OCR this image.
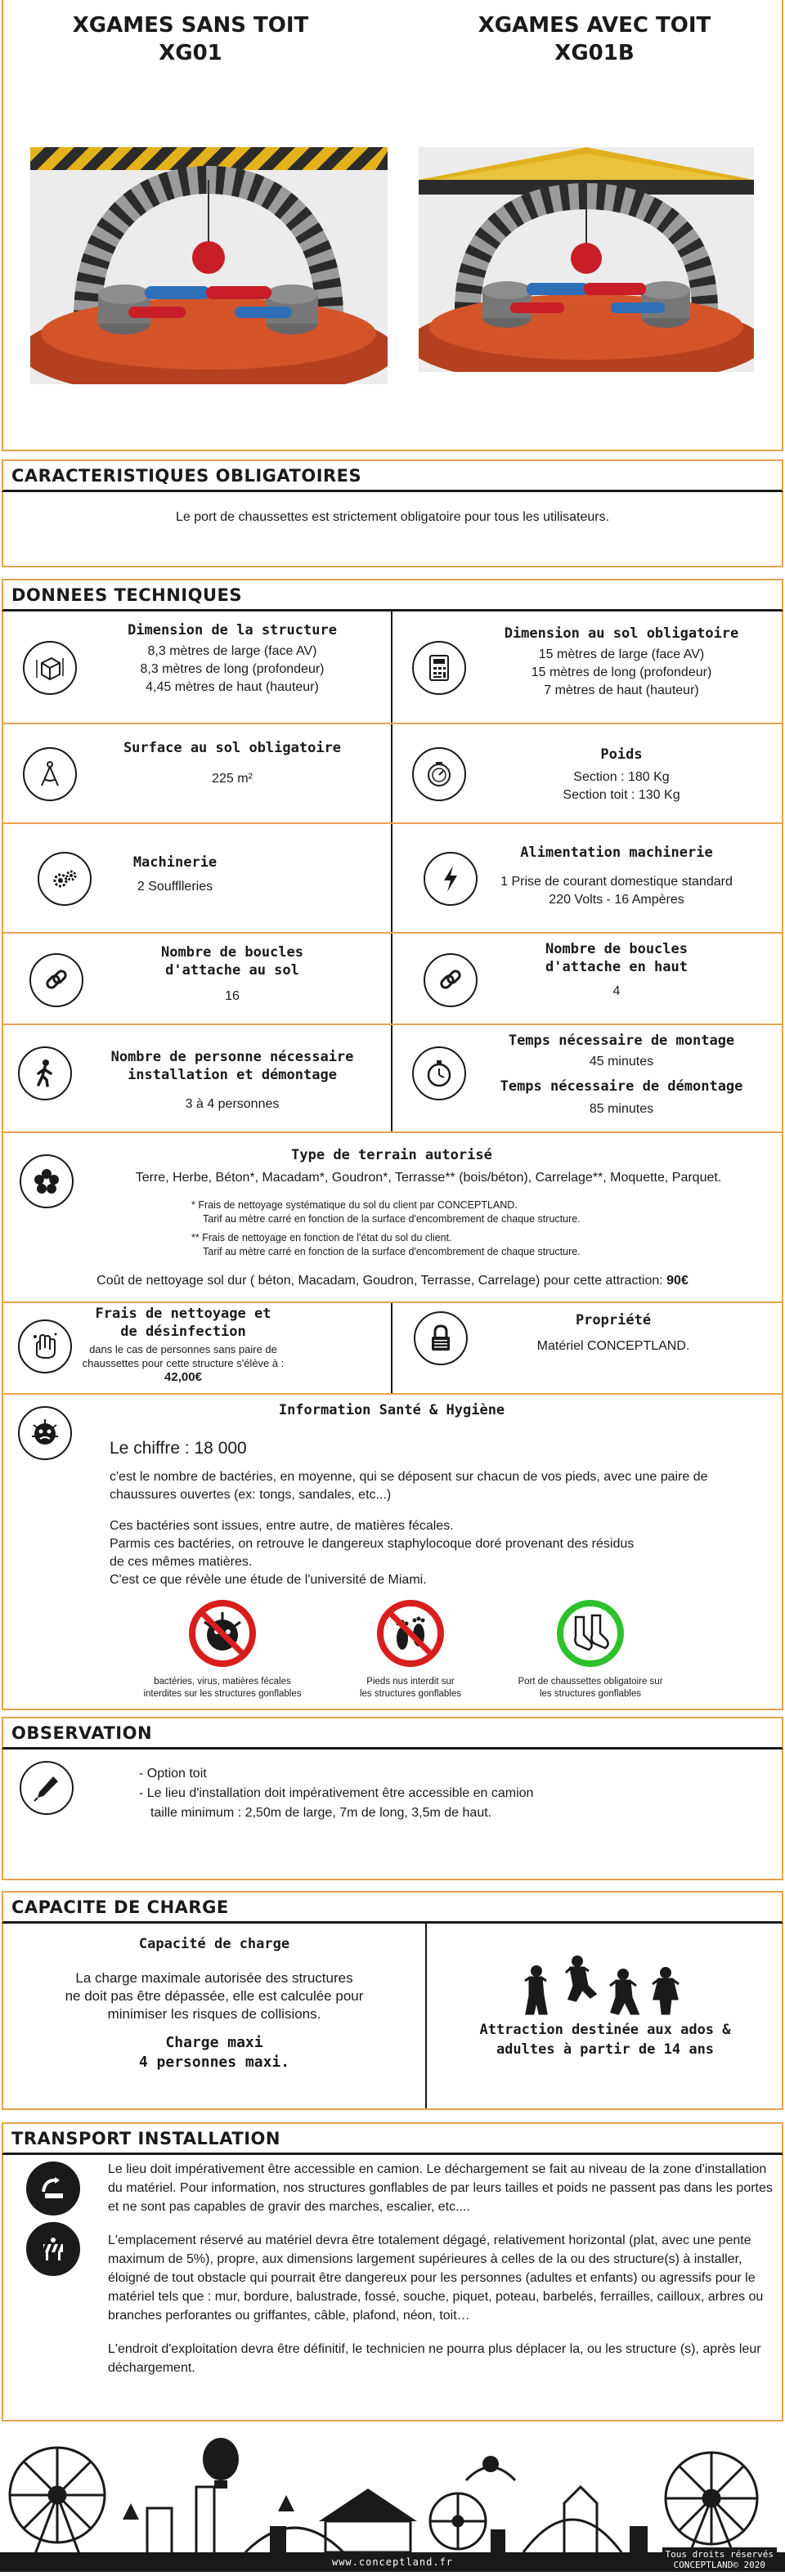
XGAMES SANS TOIT
XG01
XGAMES AVEC TOIT
XG01B
CARACTERISTIQUES OBLIGATOIRES
Le port de chaussettes est strictement obligatoire pour tous les utilisateurs.
DONNEES TECHNIQUES
Dimension de la structure
8,3 mètres de large (face AV)
8,3 mètres de long (profondeur)
4,45 mètres de haut (hauteur)
Dimension au sol obligatoire
15 mètres de large (face AV)
15 mètres de long (profondeur)
7 mètres de haut (hauteur)
Surface au sol obligatoire
225 m²
Poids
Section : 180 Kg
Section toit : 130 Kg
Machinerie
2 Soufflleries
Alimentation machinerie
1 Prise de courant domestique standard
220 Volts - 16 Ampères
Nombre de boucles
d'attache au sol
16
Nombre de boucles
d'attache en haut
4
Nombre de personne nécessaire
installation et démontage
3 à 4 personnes
Temps nécessaire de montage
45 minutes
Temps nécessaire de démontage
85 minutes
Type de terrain autorisé
Terre, Herbe, Béton*, Macadam*, Goudron*, Terrasse** (bois/béton), Carrelage**, Moquette, Parquet.
* Frais de nettoyage systématique du sol du client par CONCEPTLAND.
Tarif au mètre carré en fonction de la surface d'encombrement de chaque structure.
** Frais de nettoyage en fonction de l'état du sol du client.
Tarif au mètre carré en fonction de la surface d'encombrement de chaque structure.
Coût de nettoyage sol dur ( béton, Macadam, Goudron, Terrasse, Carrelage) pour cette attraction: 90€
Frais de nettoyage et
de désinfection
dans le cas de personnes sans paire de
chaussettes pour cette structure s'élève à :
42,00€
Propriété
Matériel CONCEPTLAND.
Information Santé & Hygiène
Le chiffre : 18 000

c'est le nombre de bactéries, en moyenne, qui se déposent sur chacun de vos pieds, avec une paire de chaussures ouvertes (ex: tongs, sandales, etc...)

Ces bactéries sont issues, entre autre, de matières fécales.
Parmis ces bactéries, on retrouve le dangereux staphylocoque doré provenant des résidus
de ces mêmes matières.
C'est ce que révèle une étude de l'université de Miami.
bactéries, virus, matières fécales
interdites sur les structures gonflables
Pieds nus interdit sur
les structures gonflables
Port de chaussettes obligatoire sur
les structures gonflables
OBSERVATION
- Option toit
- Le lieu d'installation doit impérativement être accessible en camion
taille minimum : 2,50m de large, 7m de long, 3,5m de haut.
CAPACITE DE CHARGE
Capacité de charge
La charge maximale autorisée des structures
ne doit pas être dépassée, elle est calculée pour
minimiser les risques de collisions.
Charge maxi
4 personnes maxi.
Attraction destinée aux ados &
adultes à partir de 14 ans
TRANSPORT INSTALLATION

Le lieu doit impérativement être accessible en camion. Le déchargement se fait au niveau de la zone d'installation du matériel. Pour information, nos structures gonflables de par leurs tailles et poids ne passent pas dans les portes et ne sont pas capables de gravir des marches, escalier, etc....

L'emplacement réservé au matériel devra être totalement dégagé, relativement horizontal (plat, avec une pente maximum de 5%), propre, aux dimensions largement supérieures à celles de la ou des structure(s) à installer, éloigné de tout obstacle qui pourrait être dangereux pour les personnes (adultes et enfants) ou agressifs pour le matériel tels que : mur, bordure, balustrade, fossé, souche, piquet, poteau, barbelés, ferrailles, cailloux, arbres ou branches perforantes ou griffantes, câble, plafond, néon, toit…

L'endroit d'exploitation devra être définitif, le technicien ne pourra plus déplacer la, ou les structure (s), après leur déchargement.

www.conceptland.fr
Tous droits réservés
CONCEPTLAND© 2020
